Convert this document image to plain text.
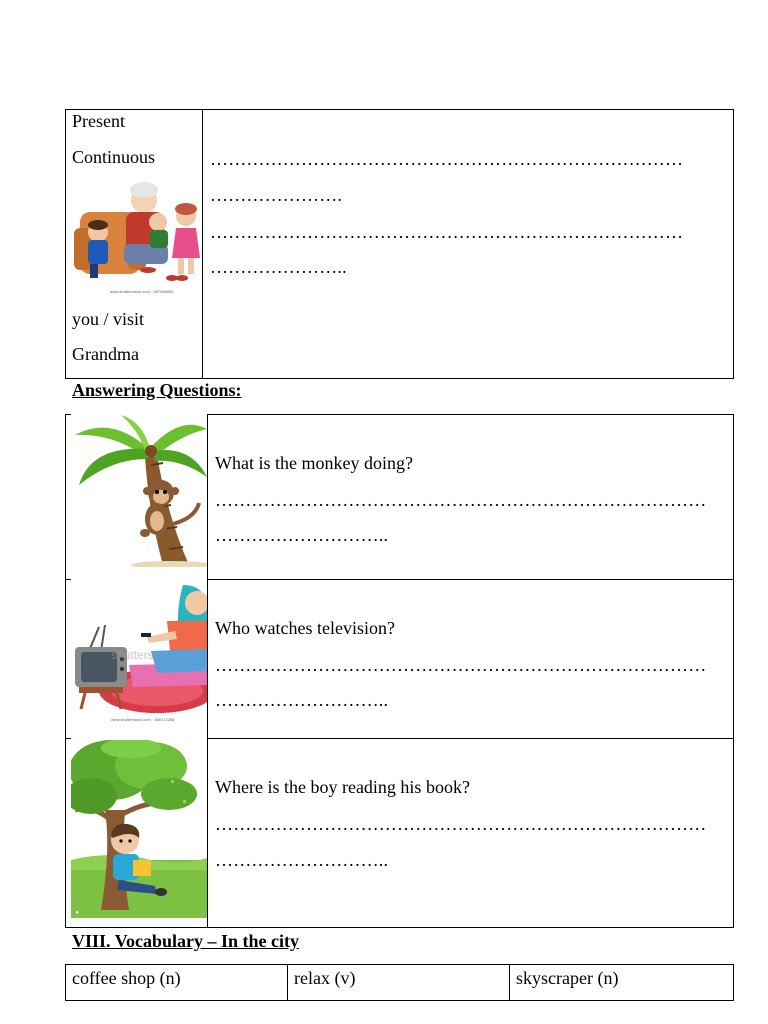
Present
Continuous
www.shutterstock.com · 587068600
you / visit
Grandma
……………………………………………………………………
………………….
……………………………………………………………………
…………………..
Answering Questions:
What is the monkey doing?
………………………………………………………………………
………………………..
shutterst
www.shutterstock.com · 369172268
Who watches television?
………………………………………………………………………
………………………..
★
Where is the boy reading his book?
………………………………………………………………………
………………………..
VIII. Vocabulary – In the city
coffee shop (n)	relax (v)	skyscraper (n)
